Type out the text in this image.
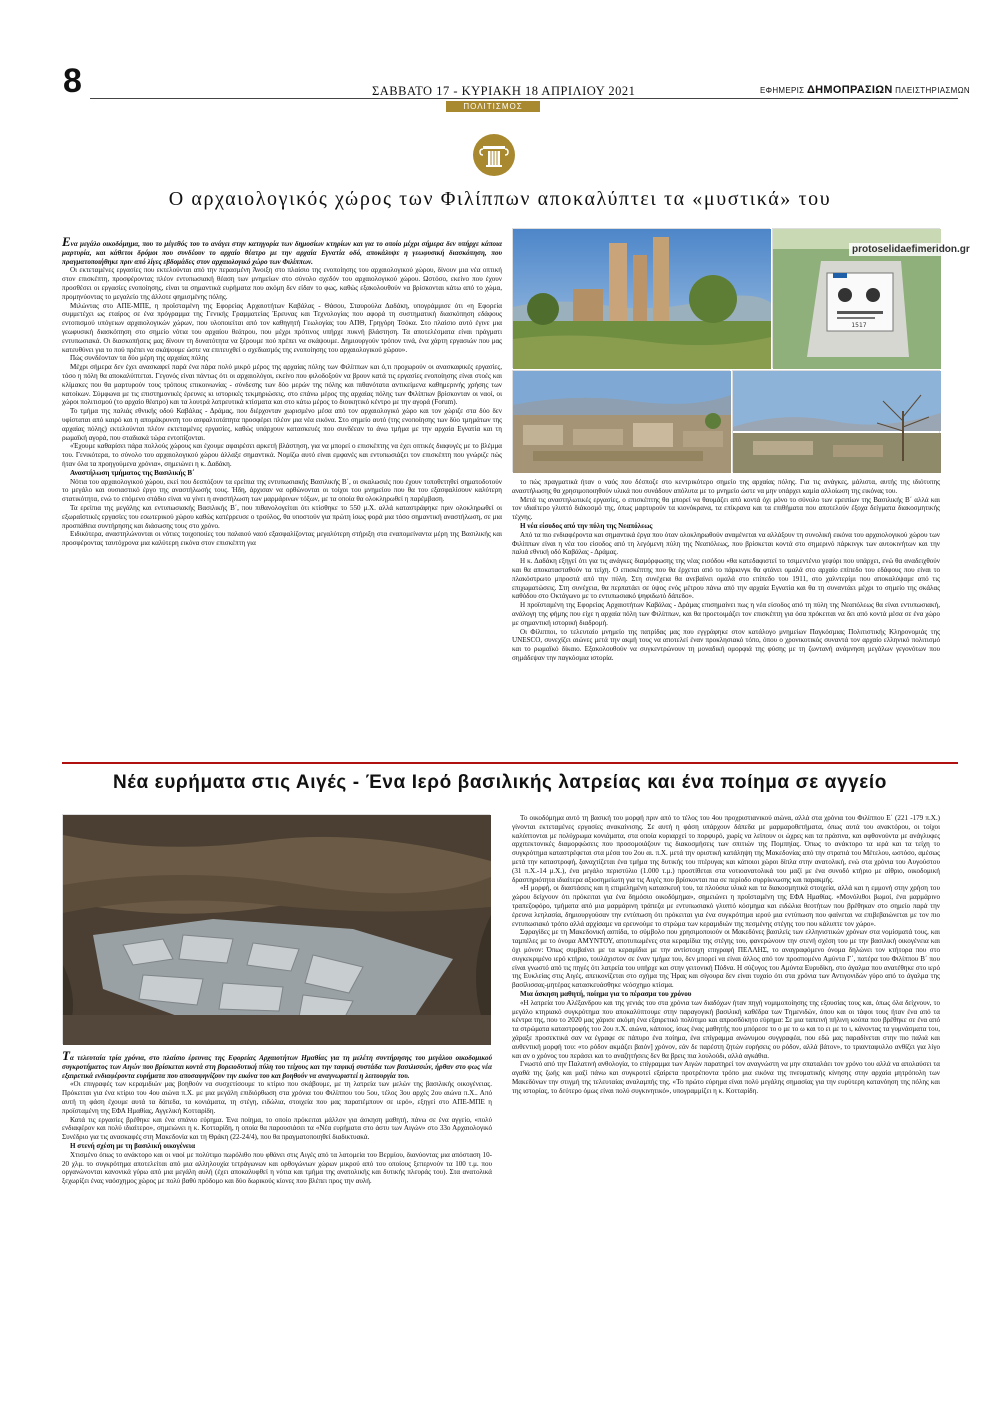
8	ΣΑΒΒΑΤΟ 17 - ΚΥΡΙΑΚΗ 18 ΑΠΡΙΛΙΟΥ 2021	ΕΦΗΜΕΡΙΣ ΔΗΜΟΠΡΑΣΙΩΝ ΠΛΕΙΣΤΗΡΙΑΣΜΩΝ
ΠΟΛΙΤΙΣΜΟΣ
Ο αρχαιολογικός χώρος των Φιλίππων αποκαλύπτει τα «μυστικά» του

Ενα μεγάλο οικοδόμημα, που το μέγεθός του το ανάγει στην κατηγορία των δημοσίων κτηρίων και για το οποίο μέχρι σήμερα δεν υπήρχε κάποια μαρτυρία, και κάθετοι δρόμοι που συνδέουν το αρχαίο θέατρο με την αρχαία Εγνατία οδό, αποκάλυψε η γεωφυσική διασκόπηση, που πραγματοποιήθηκε πριν από λίγες εβδομάδες στον αρχαιολογικό χώρο των Φιλίππων.

Οι εκτεταμένες εργασίες που εκτελούνται από την περασμένη Άνοιξη στο πλαίσιο της ενοποίησης του αρχαιολογικού χώρου, δίνουν μια νέα οπτική στον επισκέπτη, προσφέροντας πλέον εντυπωσιακή θέαση των μνημείων στο σύνολο σχεδόν του αρχαιολογικού χώρου. Ωστόσο, εκείνο που έχουν προσθέσει οι εργασίες ενοποίησης, είναι τα σημαντικά ευρήματα που ακόμη δεν είδαν το φως, καθώς εξακολουθούν να βρίσκονται κάτω από το χώμα, προμηνύοντας το μεγαλείο της άλλοτε φημισμένης πόλης.

Μιλώντας στο ΑΠΕ-ΜΠΕ, η προϊσταμένη της Εφορείας Αρχαιοτήτων Καβάλας - Θάσου, Σταυρούλα Δαδάκη, υπογράμμισε ότι «η Εφορεία συμμετέχει ως εταίρος σε ένα πρόγραμμα της Γενικής Γραμματείας Έρευνας και Τεχνολογίας που αφορά τη συστηματική διασκόπηση εδάφους εντοπισμού υπόγειων αρχαιολογικών χώρων, που υλοποιείται από τον καθηγητή Γεωλογίας του ΑΠΘ, Γρηγόρη Τσόκα. Στο πλαίσιο αυτό έγινε μια γεωφυσική διασκόπηση στο σημείο νότια του αρχαίου θεάτρου, που μέχρι πρότινος υπήρχε πυκνή βλάστηση. Τα αποτελέσματα είναι πράγματι εντυπωσιακά. Οι διασκοπήσεις μας δίνουν τη δυνατότητα να ξέρουμε πού πρέπει να σκάψουμε. Δημιουργούν τρόπον τινά, ένα χάρτη εργασιών που μας κατευθύνει για το πού πρέπει να σκάψουμε ώστε να επιτευχθεί ο σχεδιασμός της ενοποίησης του αρχαιολογικού χώρου».

Πώς συνδέονταν τα δύο μέρη της αρχαίας πόλης

Μέχρι σήμερα δεν έχει ανασκαφεί παρά ένα πάρα πολύ μικρό μέρος της αρχαίας πόλης των Φιλίππων και ό,τι προχωρούν οι ανασκαφικές εργασίες, τόσο η πόλη θα αποκαλύπτεται. Γεγονός είναι πάντως ότι οι αρχαιολόγοι, εκείνο που φιλοδοξούν να βρουν κατά τις εργασίες ενοποίησης είναι στοές και κλίμακες που θα μαρτυρούν τους τρόπους επικοινωνίας - σύνδεσης των δύο μερών της πόλης και πιθανότατα αντικείμενα καθημερινής χρήσης των κατοίκων. Σύμφωνα με τις επιστημονικές έρευνες κι ιστορικές τεκμηριώσεις, στο επάνω μέρος της αρχαίας πόλης των Φιλίππων βρίσκονταν οι ναοί, οι χώροι πολιτισμού (το αρχαίο θέατρο) και τα λουτρά λατρευτικά κτίσματα και στο κάτω μέρος το διοικητικό κέντρο με την αγορά (Forum).

Το τμήμα της παλιάς εθνικής οδού Καβάλας - Δράμας, που διέρχονταν χωρισμένο μέσα από τον αρχαιολογικό χώρο και τον χώριζε στα δύο δεν υφίσταται από καιρό και η απομάκρυνση του ασφαλτοτάπητα προσφέρει πλέον μια νέα εικόνα. Στο σημείο αυτό (της ενοποίησης των δύο τμημάτων της αρχαίας πόλης) εκτελούνται πλέον εκτεταμένες εργασίες, καθώς υπάρχουν κατασκευές που συνδέεαν το άνω τμήμα με την αρχαία Εγνατία και τη ρωμαϊκή αγορά, που σταδιακά τώρα εντοπίζονται.

«Έχουμε καθαρίσει πάρα πολλούς χώρους και έχουμε αφαιρέσει αρκετή βλάστηση, για να μπορεί ο επισκέπτης να έχει οπτικές διαφυγές με το βλέμμα του. Γενικότερα, το σύνολο του αρχαιολογικού χώρου άλλαξε σημαντικά. Νομίζω αυτό είναι εμφανές και εντυπωσιάζει τον επισκέπτη που γνώριζε πώς ήταν όλα τα προηγούμενα χρόνια», σημειώνει η κ. Δαδάκη.

Αναστήλωση τμήματος της Βασιλικής Β΄

Νότια του αρχαιολογικού χώρου, εκεί που δεσπόζουν τα ερείπια της εντυπωσιακής Βασιλικής Β΄, οι σκαλωσιές που έχουν τοποθετηθεί σηματοδοτούν το μεγάλο και ουσιαστικό έργο της αναστήλωσής τους. Ήδη, άρχισαν να ορθώνονται οι τοίχοι του μνημείου που θα του εξασφαλίσουν καλύτερη στατικότητα, ενώ το επόμενο στάδιο είναι να γίνει η αναστήλωση των μαρμάρινων τόξων, με τα οποία θα ολοκληρωθεί η παρέμβαση.

Τα ερείπια της μεγάλης και εντυπωσιακής Βασιλικής Β΄, που πιθανολογείται ότι κτίσθηκε το 550 μ.Χ. αλλά καταστράφηκε πριν ολοκληρωθεί οι εξωραϊστικές εργασίες του εσωτερικού χώρου καθώς κατέρρευσε ο τρούλος, θα υποστούν για πρώτη ίσως φορά μια τόσο σημαντική αναστήλωση, σε μια προσπάθεια συντήρησης και διάσωσης τους στο χρόνο.

Ειδικότερα, αναστηλώνονται οι νότιες τοιχοποιίες του παλαιού ναού εξασφαλίζοντας μεγαλύτερη στήριξη στα εναπομείναντα μέρη της Βασιλικής και προσφέροντας ταυτόχρονα μια καλύτερη εικόνα στον επισκέπτη για

1517
protoselidaefimeridon.gr

το πώς πραγματικά ήταν ο ναός που δέσποζε στο κεντρικότερο σημείο της αρχαίας πόλης. Για τις ανάγκες, μάλιστα, αυτής της ιδιότυπης αναστήλωσης θα χρησιμοποιηθούν υλικά που συνάδουν απόλυτα με το μνημείο ώστε να μην υπάρχει καμία αλλοίωση της εικόνας του.

Μετά τις αναστηλωτικές εργασίες, ο επισκέπτης θα μπορεί να θαυμάζει από κοντά όχι μόνο το σύνολο των ερειπίων της Βασιλικής Β΄ αλλά και τον ιδιαίτερο γλυπτό διάκοσμό της, όπως μαρτυρούν τα κιονόκρανα, τα επίκρανα και τα επιθήματα που αποτελούν έξοχα δείγματα διακοσμητικής τέχνης.

Η νέα είσοδος από την πύλη της Νεαπόλεως

Από τα πιο ενδιαφέροντα και σημαντικά έργα που όταν ολοκληρωθούν αναμένεται να αλλάξουν τη συνολική εικόνα του αρχαιολογικού χώρου των Φιλίππων είναι η νέα του είσοδος από τη λεγόμενη πύλη της Νεαπόλεως, που βρίσκεται κοντά στο σημερινό πάρκινγκ των αυτοκινήτων και την παλιά εθνική οδό Καβάλας - Δράμας.

Η κ. Δαδάκη εξηγεί ότι για τις ανάγκες διαμόρφωσης της νέας εισόδου «θα κατεδαφιστεί το τσιμεντένιο γεφύρι που υπάρχει, ενώ θα αναδειχθούν και θα αποκατασταθούν τα τείχη. Ο επισκέπτης που θα έρχεται από το πάρκινγκ θα φτάνει ομαλά στο αρχαίο επίπεδο του εδάφους που είναι το πλακόστρωτο μπροστά από την πύλη. Στη συνέχεια θα ανεβαίνει ομαλά στο επίπεδο του 1911, στο χαλντερίμι που αποκαλύψαμε από τις επιχωματώσεις. Στη συνέχεια, θα περπατάει σε ύψος ενός μέτρου πάνω από την αρχαία Εγνατία και θα τη συναντάει μέχρι το σημείο της σκάλας καθόδου στο Οκτάγωνο με το εντυπωσιακό ψηφιδωτό δάπεδο».

Η προϊσταμένη της Εφορείας Αρχαιοτήτων Καβάλας - Δράμας επισημαίνει πως η νέα είσοδος από τη πύλη της Νεαπόλεως θα είναι εντυπωσιακή, ανάλογη της φήμης που είχε η αρχαία πόλη των Φιλίππων, και θα προετοιμάζει τον επισκέπτη για όσα πρόκειται να δει από κοντά μέσα σε ένα χώρο με σημαντική ιστορική διαδρομή.

Οι Φίλιπποι, το τελευταίο μνημείο της πατρίδας μας που εγγράφηκε στον κατάλογο μνημείων Παγκόσμιας Πολιτιστικής Κληρονομιάς της UNESCO, συνεχίζει αιώνες μετά την ακμή τους να αποτελεί έναν προκλησιακό τόπο, όπου ο χρονικοτικός συναντά τον αρχαίο ελληνικό πολιτισμό και το ρωμαϊκό δίκαιο. Εξακολουθούν να συγκεντρώνουν τη μοναδική ομορφιά της φύσης με τη ζωντανή ανάμνηση μεγάλων γεγονότων που σημάδεψαν την παγκόσμια ιστορία.

Νέα ευρήματα στις Αιγές - Ένα Ιερό βασιλικής λατρείας και ένα ποίημα σε αγγείο

Τα τελευταία τρία χρόνια, στο πλαίσιο έρευνας της Εφορείας Αρχαιοτήτων Ημαθίας για τη μελέτη συντήρησης του μεγάλου οικοδομικού συγκροτήματος των Αιγών που βρίσκεται κοντά στη βορειοδυτική πύλη του τείχους και την ταφική συστάδα των βασιλισσών, ήρθαν στο φως νέα εξαιρετικά ενδιαφέροντα ευρήματα που αποσαφηνίζουν την εικόνα του και βοηθούν να αναγνωριστεί η λειτουργία του.

«Οι επιγραφές των κεραμιδιών μας βοηθούν να συσχετίσουμε το κτίριο που σκάβουμε, με τη λατρεία των μελών της βασιλικής οικογένειας. Πρόκειται για ένα κτίριο του 4ου αιώνα π.Χ. με μια μεγάλη επιδιόρθωση στα χρόνια του Φιλίππου του 5ου, τέλος 3ου αρχές 2ου αιώνα π.Χ.. Από αυτή τη φάση έχουμε αυτά τα δάπεδα, τα κονιάματα, τη στέγη, ειδώλια, στοιχεία που μας παραπέμπουν σε ιερό», εξηγεί στο ΑΠΕ-ΜΠΕ η προϊσταμένη της ΕΦΑ Ημαθίας, Αγγελική Κοτταρίδη.

Κατά τις εργασίες βρέθηκε και ένα σπάνιο εύρημα. Ένα ποίημα, το οποίο πρόκειται μάλλον για άσκηση μαθητή, πάνω σε ένα αγγείο, «πολύ ενδιαφέρον και πολύ ιδιαίτερο», σημειώνει η κ. Κοτταρίδη, η οποία θα παρουσιάσει τα «Νέα ευρήματα στο άστυ των Αιγών» στο 33ο Αρχαιολογικό Συνέδριο για τις ανασκαφές στη Μακεδονία και τη Θράκη (22-24/4), που θα πραγματοποιηθεί διαδικτυακά.

Η στενή σχέση με τη βασιλική οικογένεια

Χτισμένο όπως το ανάκτορο και οι ναοί με πολύτιμο πωρόλιθο που φθάνει στις Αιγές από τα λατομεία του Βερμίου, διανύοντας μια απόσταση 10-20 χλμ. το συγκρότημα αποτελείται από μια αλληλουχία τετράγωνων και ορθογώνιων χώρων μικρού από του οποίους ξεπερνούν τα 100 τ.μ. που οργανώνονται κανονικά γύρω από μια μεγάλη αυλή (έχει αποκαλυφθεί η νότια και τμήμα της ανατολικής και δυτικής πλευράς του). Στα ανατολικά ξεχωρίζει ένας ναόσχημος χώρος με πολύ βαθύ πρόδομο και δύο δωρικούς κίονες που βλέπει προς την αυλή.

Το οικοδόμημα αυτό τη βασική του μορφή πριν από το τέλος του 4ου προχριστιανικού αιώνα, αλλά στα χρόνια του Φιλίππου Ε΄ (221 -179 π.Χ.) γίνονται εκτεταμένες εργασίες ανακαίνισης. Σε αυτή η φάση υπάρχουν δάπεδα με μαρμαροθετήματα, όπως αυτά του ανακτόρου, οι τοίχοι καλύπτονται με πολύχρωμα κονιάματα, στα οποία κυριαρχεί το πορφυρό, χωρίς να λείπουν οι ώχρες και τα πράσινα, και αφθονούντα με ανάγλυφες αρχιτεκτονικές διαμορφώσεις που προσομοιάζουν τις διακοσμήσεις των σπιτιών της Πομπηίας. Όπως το ανάκτορο τα ιερά και τα τείχη το συγκρότημα καταστρέφεται στα μέσα του 2ου αι. π.Χ. μετά την οριστική κατάληψη της Μακεδονίας από την στρατιά του Μέτελου, ωστόσο, αμέσως μετά την καταστροφή, ξαναχτίζεται ένα τμήμα της δυτικής του πτέρυγας και κάποιοι χώροι δίπλα στην ανατολική, ενώ στα χρόνια του Αυγούστου (31 π.Χ.-14 μ.Χ.), ένα μεγάλο περιστύλιο (1.000 τ.μ.) προστίθεται στα νοτιοανατολικά του μαζί με ένα συνοδό κτήριο με αίθριο, οικοδομική δραστηριότητα ιδιαίτερα αξιοσημείωτη για τις Αιγές που βρίσκονται πια σε περίοδο συρρίκνωσης και παρακμής.

«Η μορφή, οι διαστάσεις και η επιμελημένη κατασκευή του, τα πλούσια υλικά και τα διακοσμητικά στοιχεία, αλλά και η εμμονή στην χρήση του χώρου δείχνουν ότι πρόκειται για ένα δημόσιο οικοδόμημα», σημειώνει η προϊσταμένη της ΕΦΑ Ημαθίας. «Μονόλιθοι βωμοί, ένα μαρμάρινο τραπεζοφόρο, τμήματα από μια μαρμάρινη τράπεζα με εντυπωσιακό γλυπτό κόσμημα και ειδώλια θεοτήτων που βρέθηκαν στο σημείο παρά την έρευνα λεηλασία, δημιουργούσαν την εντύπωση ότι πρόκειται για ένα συγκρότημα ιερού μια εντύπωση που φαίνεται να επιβεβαιώνεται με τον πιο εντυπωσιακό τρόπο αλλά αρχίσαμε να ερευνούμε το στρώμα των κεραμιδιών της πεσμένης στέγης του που κάλυπτε τον χώρο».

Σφραγίδες με τη Μακεδονική ασπίδα, το σύμβολο που χρησιμοποιούν οι Μακεδόνες βασιλείς των ελληνιστικών χρόνων στα νομίσματά τους, και ταμπέλες με το όνομα ΑΜΥΝΤΟΥ, αποτυπωμένες στα κεραμίδια της στέγης του, φανερώνουν την στενή σχέση του με την βασιλική οικογένεια και όχι μόνον: Όπως συμβαίνει με τα κεραμίδια με την αντίστοιχη επιγραφή ΠΕΛΛΗΣ, το αναγραφόμενο όνομα δηλώνει τον κτήτορα που στο συγκεκριμένο ιερό κτήριο, τουλάχιστον σε έναν τμήμα του, δεν μπορεί να είναι άλλος από τον προσπομένο Αμύντα Γ΄, πατέρα του Φιλίππου Β΄ που είναι γνωστό από τις πηγές ότι λατρεία του υπήρχε και στην γειτονική Πύδνα. Η σύζυγος του Αμύντα Ευρυδίκη, στο άγαλμα που ανατέθηκε στο ιερό της Ευκλείας στις Αιγές, απεικονίζεται στο σχήμα της Ήρας και σίγουρα δεν είναι τυχαίο ότι στα χρόνια των Αντιγονιδών γύρο από το άγαλμα της βασίλισσας-μητέρας κατασκευάσθηκε νεόσχημο κτίσμα.

Μια άσκηση μαθητή, ποίημα για το πέρασμα του χρόνου

«Η λατρεία του Αλέξανδρου και της γενιάς του στα χρόνια των διαδόχων ήταν πηγή νομιμοποίησης της εξουσίας τους και, όπως όλα δείχνουν, το μεγάλο κτηριακό συγκρότημα που αποκαλύπτουμε στην παραγογική βασιλική καθέδρα των Τημενιδών, όπου και οι τάφοι τους ήταν ένα από τα κέντρα της, που το 2020 μας χάρισε ακόμη ένα εξαιρετικό πολύτιμο και απροσδόκητο εύρημα: Σε μια ταπεινή πήλινη κούπα που βρέθηκε σε ένα από τα στρώματα καταστροφής του 2ου π.Χ. αιώνα, κάποιος, ίσως ένας μαθητής που μπόρεσε το ο με το ω και το ει με το ι, κάνοντας τα γυμνάσματα του, χάραξε προσεκτικά σαν να έγραφε σε πάπυρο ένα ποίημα, ένα επίγραμμα ανώνυμου συγγραφέα, που εδώ μας παραδίνεται στην πιο παλιά και αυθεντική μορφή του: «το ρόδον ακμάζει βαιόν] χρόνον, εάν δε παρέστη ζητών ευρήσεις ου ρόδον, αλλά βάτον», το τριανταφυλλο ανθίζει για λίγο και αν ο χρόνος του περάσει και το αναζητήσεις δεν θα βρεις πια λουλούδι, αλλά αγκάθια.

Γνωστό από την Παλατινή ανθολογία, το επίγραμμα των Αιγών παρατηρεί τον αναγνώστη να μην σπαταλάει τον χρόνο του αλλά να απολαύσει τα αγαθά της ζωής και μαζί πάνω και συγκροτεί εξαίρετα προτρέποντα τρόπο μια εικόνα της πνευματικής κίνησης στην αρχαία μητρόπολη των Μακεδόνων την στιγμή της τελευταίας αναλαμπής της. «Το πρώτο εύρημα είναι πολύ μεγάλης σημασίας για την ευρύτερη κατανόηση της πόλης και της ιστορίας, το δεύτερο όμως είναι πολύ συγκινητικό», υπογραμμίζει η κ. Κοτταρίδη.
